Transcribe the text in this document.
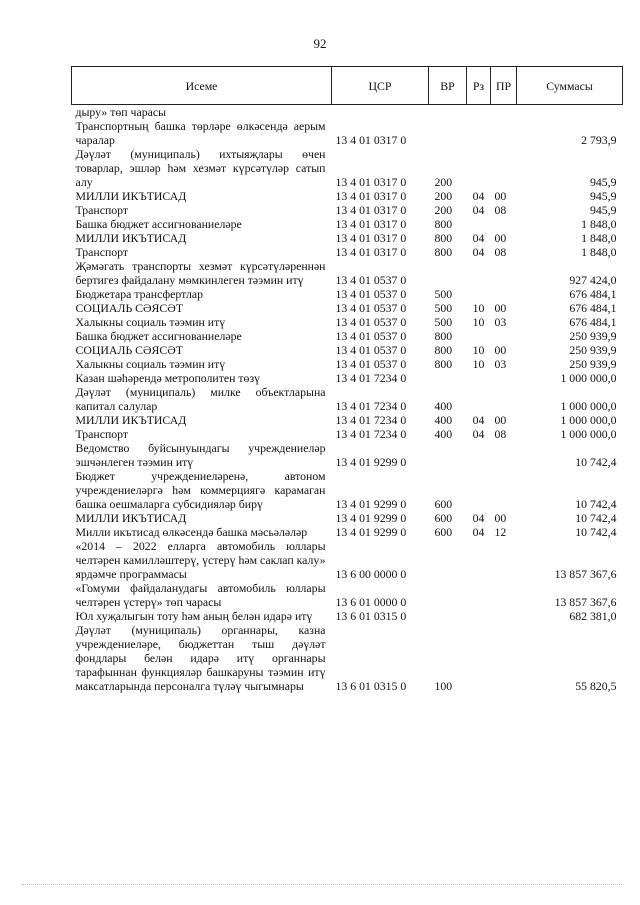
92
Исеме	ЦСР	ВР	Рз	ПР	Суммасы
дыру» төп чарасы					
Транспортның башка төрләре өлкәсендә аерым чаралар	13 4 01 0317 0				2 793,9
Дәүләт (муниципаль) ихтыяҗлары өчен товарлар, эшләр һәм хезмәт күрсәтүләр сатып алу	13 4 01 0317 0	200			945,9
МИЛЛИ ИКЪТИСАД	13 4 01 0317 0	200	04	00	945,9
Транспорт	13 4 01 0317 0	200	04	08	945,9
Башка бюджет ассигнованиеләре	13 4 01 0317 0	800			1 848,0
МИЛЛИ ИКЪТИСАД	13 4 01 0317 0	800	04	00	1 848,0
Транспорт	13 4 01 0317 0	800	04	08	1 848,0
Җәмәгать транспорты хезмәт күрсәтүләреннән бертигез файдалану мөмкинлеген тәэмин итү	13 4 01 0537 0				927 424,0
Бюджетара трансфертлар	13 4 01 0537 0	500			676 484,1
СОЦИАЛЬ СӘЯСӘТ	13 4 01 0537 0	500	10	00	676 484,1
Халыкны социаль тәэмин итү	13 4 01 0537 0	500	10	03	676 484,1
Башка бюджет ассигнованиеләре	13 4 01 0537 0	800			250 939,9
СОЦИАЛЬ СӘЯСӘТ	13 4 01 0537 0	800	10	00	250 939,9
Халыкны социаль тәэмин итү	13 4 01 0537 0	800	10	03	250 939,9
Казан шәһәрендә метрополитен төзү	13 4 01 7234 0				1 000 000,0
Дәүләт (муниципаль) милке объектларына капитал салулар	13 4 01 7234 0	400			1 000 000,0
МИЛЛИ ИКЪТИСАД	13 4 01 7234 0	400	04	00	1 000 000,0
Транспорт	13 4 01 7234 0	400	04	08	1 000 000,0
Ведомство буйсынуындагы учреждениеләр эшчәнлеген тәэмин итү	13 4 01 9299 0				10 742,4
Бюджет учреждениеләренә, автоном учреждениеләргә һәм коммерциягә карамаган башка оешмаларга субсидияләр бирү	13 4 01 9299 0	600			10 742,4
МИЛЛИ ИКЪТИСАД	13 4 01 9299 0	600	04	00	10 742,4
Милли икътисад өлкәсендә башка мәсьәләләр	13 4 01 9299 0	600	04	12	10 742,4
«2014 – 2022 елларга автомобиль юллары челтәрен камилләштерү, үстерү һәм саклап калу» ярдәмче программасы	13 6 00 0000 0				13 857 367,6
«Гомуми файдаланудагы автомобиль юллары челтәрен үстерү» төп чарасы	13 6 01 0000 0				13 857 367,6
Юл хуҗалыгын тоту һәм аның белән идарә итү	13 6 01 0315 0				682 381,0
Дәүләт (муниципаль) органнары, казна учреждениеләре, бюджеттан тыш дәүләт фондлары белән идарә итү органнары тарафыннан функцияләр башкаруны тәэмин итү максатларында персоналга түләү чыгымнары	13 6 01 0315 0	100			55 820,5
